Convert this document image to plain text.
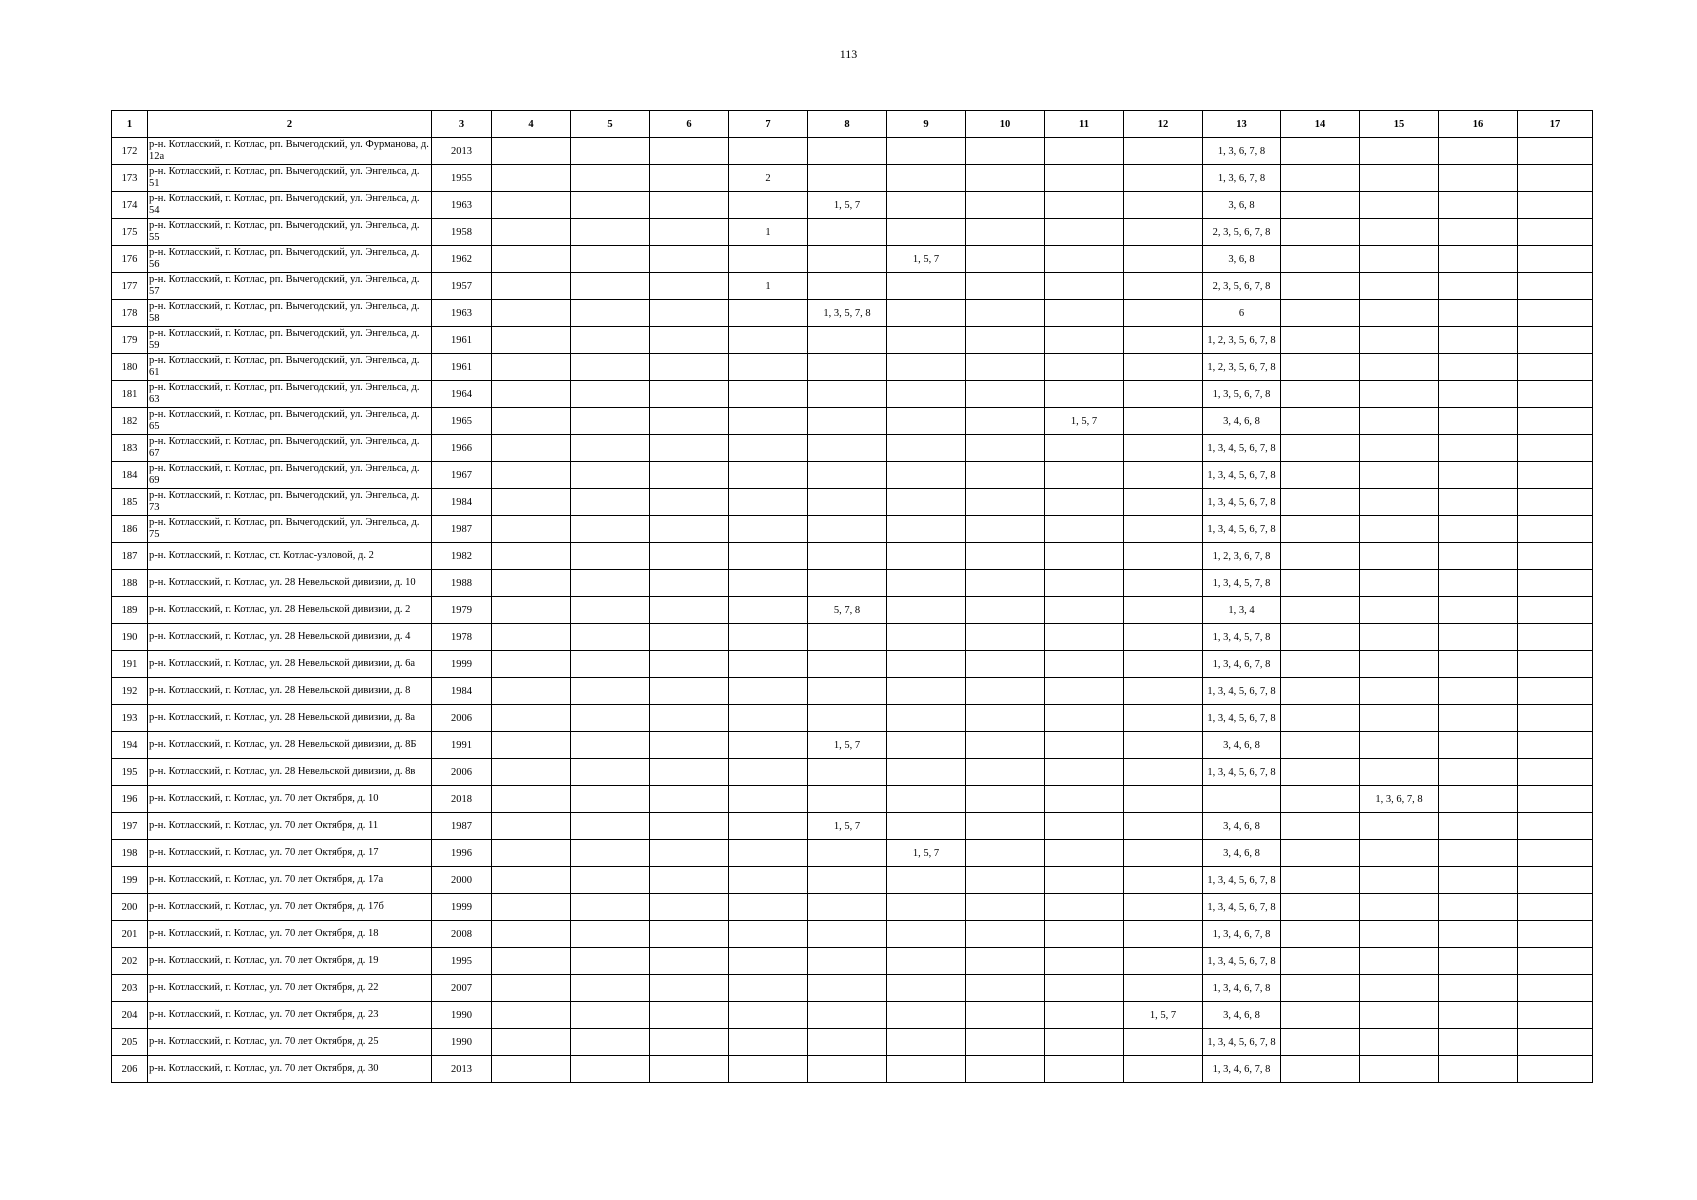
113
1	2	3	4	5	6	7	8	9	10	11	12	13	14	15	16	17
172	р-н. Котласский, г. Котлас, рп. Вычегодский, ул. Фурманова, д. 12а	2013										1, 3, 6, 7, 8				
173	р-н. Котласский, г. Котлас, рп. Вычегодский, ул. Энгельса, д. 51	1955				2						1, 3, 6, 7, 8				
174	р-н. Котласский, г. Котлас, рп. Вычегодский, ул. Энгельса, д. 54	1963					1, 5, 7					3, 6, 8				
175	р-н. Котласский, г. Котлас, рп. Вычегодский, ул. Энгельса, д. 55	1958				1						2, 3, 5, 6, 7, 8				
176	р-н. Котласский, г. Котлас, рп. Вычегодский, ул. Энгельса, д. 56	1962						1, 5, 7				3, 6, 8				
177	р-н. Котласский, г. Котлас, рп. Вычегодский, ул. Энгельса, д. 57	1957				1						2, 3, 5, 6, 7, 8				
178	р-н. Котласский, г. Котлас, рп. Вычегодский, ул. Энгельса, д. 58	1963					1, 3, 5, 7, 8					6				
179	р-н. Котласский, г. Котлас, рп. Вычегодский, ул. Энгельса, д. 59	1961										1, 2, 3, 5, 6, 7, 8				
180	р-н. Котласский, г. Котлас, рп. Вычегодский, ул. Энгельса, д. 61	1961										1, 2, 3, 5, 6, 7, 8				
181	р-н. Котласский, г. Котлас, рп. Вычегодский, ул. Энгельса, д. 63	1964										1, 3, 5, 6, 7, 8				
182	р-н. Котласский, г. Котлас, рп. Вычегодский, ул. Энгельса, д. 65	1965								1, 5, 7		3, 4, 6, 8				
183	р-н. Котласский, г. Котлас, рп. Вычегодский, ул. Энгельса, д. 67	1966										1, 3, 4, 5, 6, 7, 8				
184	р-н. Котласский, г. Котлас, рп. Вычегодский, ул. Энгельса, д. 69	1967										1, 3, 4, 5, 6, 7, 8				
185	р-н. Котласский, г. Котлас, рп. Вычегодский, ул. Энгельса, д. 73	1984										1, 3, 4, 5, 6, 7, 8				
186	р-н. Котласский, г. Котлас, рп. Вычегодский, ул. Энгельса, д. 75	1987										1, 3, 4, 5, 6, 7, 8				
187	р-н. Котласский, г. Котлас, ст. Котлас-узловой, д. 2	1982										1, 2, 3, 6, 7, 8				
188	р-н. Котласский, г. Котлас, ул. 28 Невельской дивизии, д. 10	1988										1, 3, 4, 5, 7, 8				
189	р-н. Котласский, г. Котлас, ул. 28 Невельской дивизии, д. 2	1979					5, 7, 8					1, 3, 4				
190	р-н. Котласский, г. Котлас, ул. 28 Невельской дивизии, д. 4	1978										1, 3, 4, 5, 7, 8				
191	р-н. Котласский, г. Котлас, ул. 28 Невельской дивизии, д. 6а	1999										1, 3, 4, 6, 7, 8				
192	р-н. Котласский, г. Котлас, ул. 28 Невельской дивизии, д. 8	1984										1, 3, 4, 5, 6, 7, 8				
193	р-н. Котласский, г. Котлас, ул. 28 Невельской дивизии, д. 8а	2006										1, 3, 4, 5, 6, 7, 8				
194	р-н. Котласский, г. Котлас, ул. 28 Невельской дивизии, д. 8Б	1991					1, 5, 7					3, 4, 6, 8				
195	р-н. Котласский, г. Котлас, ул. 28 Невельской дивизии, д. 8в	2006										1, 3, 4, 5, 6, 7, 8				
196	р-н. Котласский, г. Котлас, ул. 70 лет Октября, д. 10	2018												1, 3, 6, 7, 8		
197	р-н. Котласский, г. Котлас, ул. 70 лет Октября, д. 11	1987					1, 5, 7					3, 4, 6, 8				
198	р-н. Котласский, г. Котлас, ул. 70 лет Октября, д. 17	1996						1, 5, 7				3, 4, 6, 8				
199	р-н. Котласский, г. Котлас, ул. 70 лет Октября, д. 17а	2000										1, 3, 4, 5, 6, 7, 8				
200	р-н. Котласский, г. Котлас, ул. 70 лет Октября, д. 17б	1999										1, 3, 4, 5, 6, 7, 8				
201	р-н. Котласский, г. Котлас, ул. 70 лет Октября, д. 18	2008										1, 3, 4, 6, 7, 8				
202	р-н. Котласский, г. Котлас, ул. 70 лет Октября, д. 19	1995										1, 3, 4, 5, 6, 7, 8				
203	р-н. Котласский, г. Котлас, ул. 70 лет Октября, д. 22	2007										1, 3, 4, 6, 7, 8				
204	р-н. Котласский, г. Котлас, ул. 70 лет Октября, д. 23	1990									1, 5, 7	3, 4, 6, 8				
205	р-н. Котласский, г. Котлас, ул. 70 лет Октября, д. 25	1990										1, 3, 4, 5, 6, 7, 8				
206	р-н. Котласский, г. Котлас, ул. 70 лет Октября, д. 30	2013										1, 3, 4, 6, 7, 8				
